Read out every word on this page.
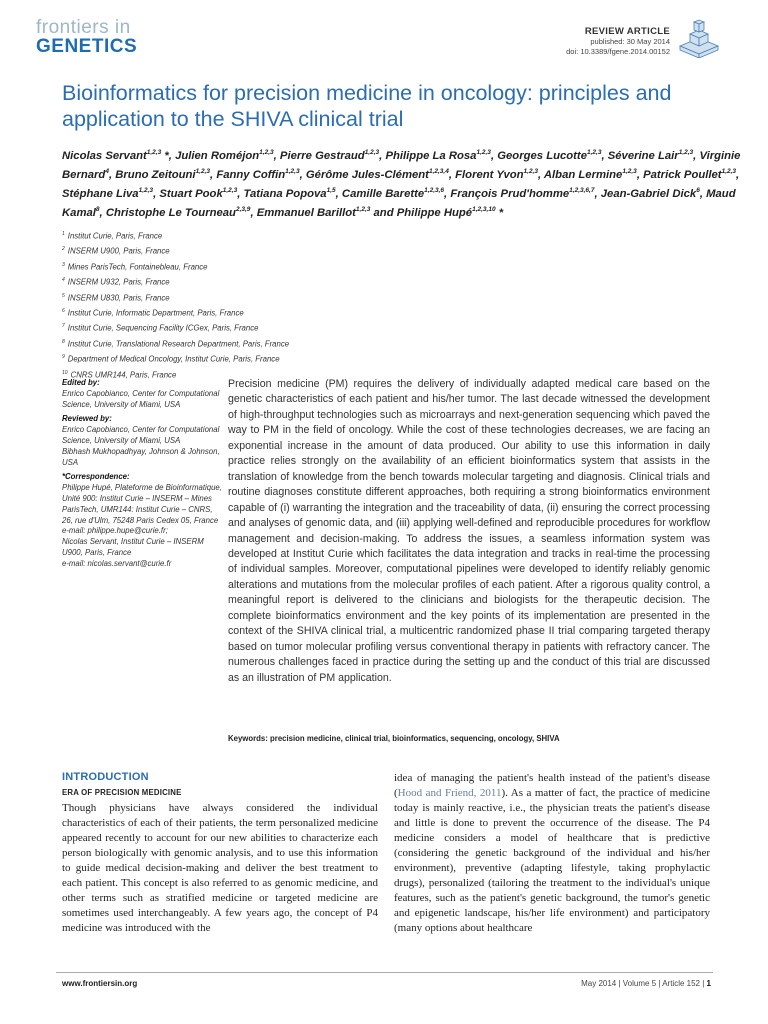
frontiers in
GENETICS
REVIEW ARTICLE
published: 30 May 2014
doi: 10.3389/fgene.2014.00152
Bioinformatics for precision medicine in oncology: principles and application to the SHIVA clinical trial
Nicolas Servant$^{1,2,3}$ *, Julien Roméjon$^{1,2,3}$, Pierre Gestraud$^{1,2,3}$, Philippe La Rosa$^{1,2,3}$, Georges Lucotte$^{1,2,3}$, Séverine Lair$^{1,2,3}$, Virginie Bernard$^4$, Bruno Zeitouni$^{1,2,3}$, Fanny Coffin$^{1,2,3}$, Gérôme Jules-Clément$^{1,2,3,4}$, Florent Yvon$^{1,2,3}$, Alban Lermine$^{1,2,3}$, Patrick Poullet$^{1,2,3}$, Stéphane Liva$^{1,2,3}$, Stuart Pook$^{1,2,3}$, Tatiana Popova$^{1,5}$, Camille Barette$^{1,2,3,6}$, François Prud'homme$^{1,2,3,6,7}$, Jean-Gabriel Dick$^6$, Maud Kamal$^8$, Christophe Le Tourneau$^{2,3,9}$, Emmanuel Barillot$^{1,2,3}$ and Philippe Hupé$^{1,2,3,10}$ *
$^1$ Institut Curie, Paris, France
$^2$ INSERM U900, Paris, France
$^3$ Mines ParisTech, Fontainebleau, France
$^4$ INSERM U932, Paris, France
$^5$ INSERM U830, Paris, France
$^6$ Institut Curie, Informatic Department, Paris, France
$^7$ Institut Curie, Sequencing Facility ICGex, Paris, France
$^8$ Institut Curie, Translational Research Department, Paris, France
$^9$ Department of Medical Oncology, Institut Curie, Paris, France
$^{10}$ CNRS UMR144, Paris, France
Edited by:
Enrico Capobianco, Center for Computational Science, University of Miami, USA
Reviewed by:
Enrico Capobianco, Center for Computational Science, University of Miami, USA
Bibhash Mukhopadhyay, Johnson & Johnson, USA
*Correspondence:
Philippe Hupé, Plateforme de Bioinformatique, Unité 900: Institut Curie – INSERM – Mines ParisTech, UMR144: Institut Curie – CNRS, 26, rue d'Ulm, 75248 Paris Cedex 05, France
e-mail: philippe.hupe@curie.fr;
Nicolas Servant, Institut Curie – INSERM U900, Paris, France
e-mail: nicolas.servant@curie.fr
Precision medicine (PM) requires the delivery of individually adapted medical care based on the genetic characteristics of each patient and his/her tumor. The last decade witnessed the development of high-throughput technologies such as microarrays and next-generation sequencing which paved the way to PM in the field of oncology. While the cost of these technologies decreases, we are facing an exponential increase in the amount of data produced. Our ability to use this information in daily practice relies strongly on the availability of an efficient bioinformatics system that assists in the translation of knowledge from the bench towards molecular targeting and diagnosis. Clinical trials and routine diagnoses constitute different approaches, both requiring a strong bioinformatics environment capable of (i) warranting the integration and the traceability of data, (ii) ensuring the correct processing and analyses of genomic data, and (iii) applying well-defined and reproducible procedures for workflow management and decision-making. To address the issues, a seamless information system was developed at Institut Curie which facilitates the data integration and tracks in real-time the processing of individual samples. Moreover, computational pipelines were developed to identify reliably genomic alterations and mutations from the molecular profiles of each patient. After a rigorous quality control, a meaningful report is delivered to the clinicians and biologists for the therapeutic decision. The complete bioinformatics environment and the key points of its implementation are presented in the context of the SHIVA clinical trial, a multicentric randomized phase II trial comparing targeted therapy based on tumor molecular profiling versus conventional therapy in patients with refractory cancer. The numerous challenges faced in practice during the setting up and the conduct of this trial are discussed as an illustration of PM application.
Keywords: precision medicine, clinical trial, bioinformatics, sequencing, oncology, SHIVA
INTRODUCTION
ERA OF PRECISION MEDICINE
Though physicians have always considered the individual characteristics of each of their patients, the term personalized medicine appeared recently to account for our new abilities to characterize each person biologically with genomic analysis, and to use this information to guide medical decision-making and deliver the best treatment to each patient. This concept is also referred to as genomic medicine, and other terms such as stratified medicine or targeted medicine are sometimes used interchangeably. A few years ago, the concept of P4 medicine was introduced with the
idea of managing the patient's health instead of the patient's disease (Hood and Friend, 2011). As a matter of fact, the practice of medicine today is mainly reactive, i.e., the physician treats the patient's disease and little is done to prevent the occurrence of the disease. The P4 medicine considers a model of healthcare that is predictive (considering the genetic background of the individual and his/her environment), preventive (adapting lifestyle, taking prophylactic drugs), personalized (tailoring the treatment to the individual's unique features, such as the patient's genetic background, the tumor's genetic and epigenetic landscape, his/her life environment) and participatory (many options about healthcare
www.frontiersin.org	May 2014 | Volume 5 | Article 152 | 1
